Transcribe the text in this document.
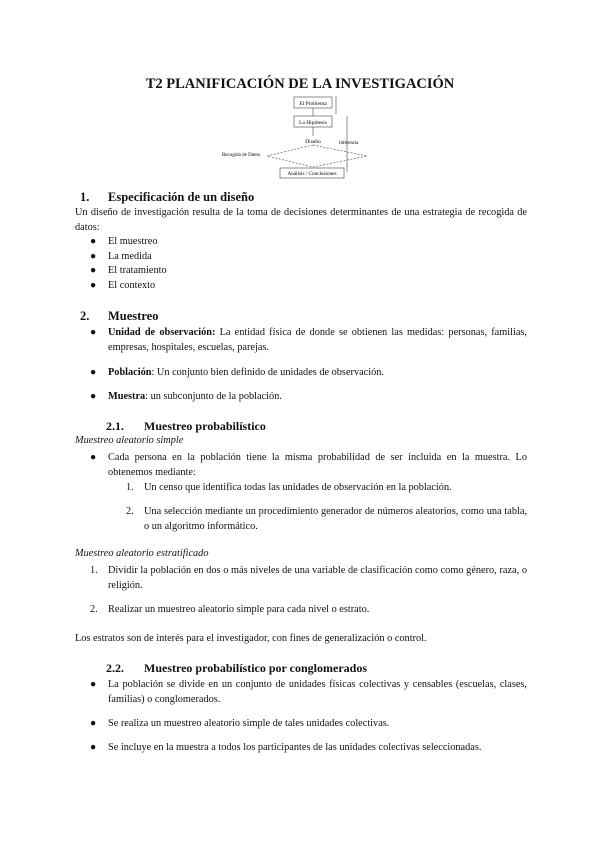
T2 PLANIFICACIÓN DE LA INVESTIGACIÓN
El Problema
La Hipótesis
Diseño
Análisis / Conclusiones
Recogida de Datos
Inferencia
1. Especificación de un diseño
Un diseño de investigación resulta de la toma de decisiones determinantes de una estrategia de recogida de datos:
● El muestreo
● La medida
● El tratamiento
● El contexto
2. Muestreo
● Unidad de observación: La entidad física de donde se obtienen las medidas: personas, familias, empresas, hospitales, escuelas, parejas.
● Población: Un conjunto bien definido de unidades de observación.
● Muestra: un subconjunto de la población.
2.1. Muestreo probabilístico
Muestreo aleatorio simple
● Cada persona en la población tiene la misma probabilidad de ser incluida en la muestra. Lo obtenemos mediante:
1. Un censo que identifica todas las unidades de observación en la población.
2. Una selección mediante un procedimiento generador de números aleatorios, como una tabla, o un algoritmo informático.
Muestreo aleatorio estratificado
1. Dividir la población en dos o más niveles de una variable de clasificación como como género, raza, o religión.
2. Realizar un muestreo aleatorio simple para cada nivel o estrato.
Los estratos son de interés para el investigador, con fines de generalización o control.
2.2. Muestreo probabilístico por conglomerados
● La población se divide en un conjunto de unidades físicas colectivas y censables (escuelas, clases, familias) o conglomerados.
● Se realiza un muestreo aleatorio simple de tales unidades colectivas.
● Se incluye en la muestra a todos los participantes de las unidades colectivas seleccionadas.
